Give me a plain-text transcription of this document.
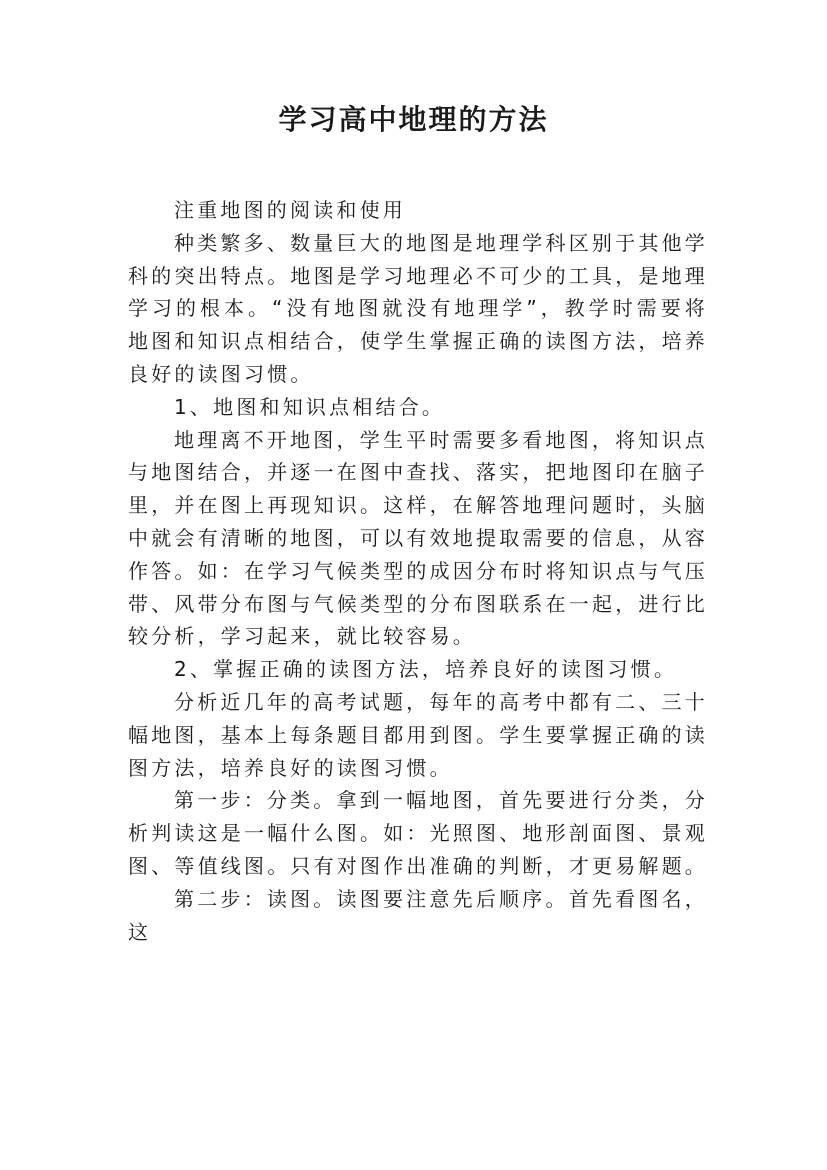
学习高中地理的方法

注重地图的阅读和使用

种类繁多、数量巨大的地图是地理学科区别于其他学科的突出特点。地图是学习地理必不可少的工具，是地理学习的根本。“没有地图就没有地理学”，教学时需要将地图和知识点相结合，使学生掌握正确的读图方法，培养良好的读图习惯。

1、地图和知识点相结合。

地理离不开地图，学生平时需要多看地图，将知识点与地图结合，并逐一在图中查找、落实，把地图印在脑子里，并在图上再现知识。这样，在解答地理问题时，头脑中就会有清晰的地图，可以有效地提取需要的信息，从容作答。如：在学习气候类型的成因分布时将知识点与气压带、风带分布图与气候类型的分布图联系在一起，进行比较分析，学习起来，就比较容易。

2、掌握正确的读图方法，培养良好的读图习惯。

分析近几年的高考试题，每年的高考中都有二、三十幅地图，基本上每条题目都用到图。学生要掌握正确的读图方法，培养良好的读图习惯。

第一步：分类。拿到一幅地图，首先要进行分类，分析判读这是一幅什么图。如：光照图、地形剖面图、景观图、等值线图。只有对图作出准确的判断，才更易解题。

第二步：读图。读图要注意先后顺序。首先看图名，这
